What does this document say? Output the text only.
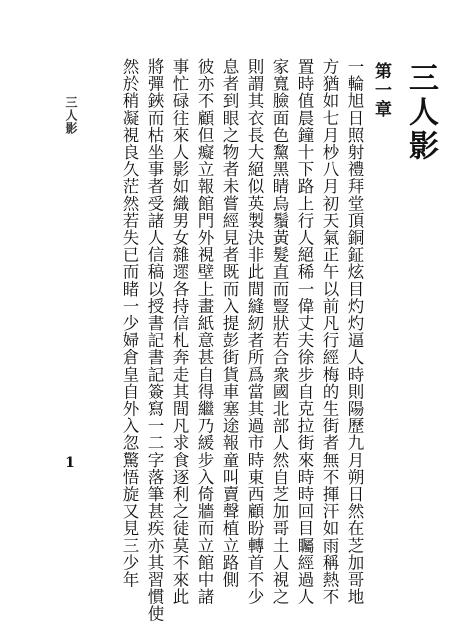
三人影
第一章
一輪旭日照射禮拜堂頂銅鉦炫目灼灼逼人時則陽歷九月朔日然在芝加哥地
方猶如七月杪八月初天氣正午以前凡行經梅的生街者無不揮汗如雨稱熱不
置時值晨鐘十下路上行人絕稀一偉丈夫徐步自克拉街來時時回目矚經過人
家寬臉面色黧黑睛烏鬚黃髮直而豎狀若合衆國北部人然自芝加哥土人視之
則謂其衣長大絕似英製決非此間縫紉者所爲當其過市時東西顧盼轉首不少
息者到眼之物者未嘗經見者既而入提彭街貨車塞途報童叫賣聲植立路側
彼亦不顧但癡立報館門外視壁上畫紙意甚自得繼乃緩步入倚牆而立館中諸
事忙碌往來人影如織男女雜遝各持信札奔走其間凡求食逐利之徒莫不來此
將彈鋏而枯坐事者受諸人信稿以授書記書記簽寫一二字落筆甚疾亦其習慣使
然於稍凝視良久茫然若失已而睹一少婦倉皇自外入忽驚悟旋又見三少年
三人影
1
